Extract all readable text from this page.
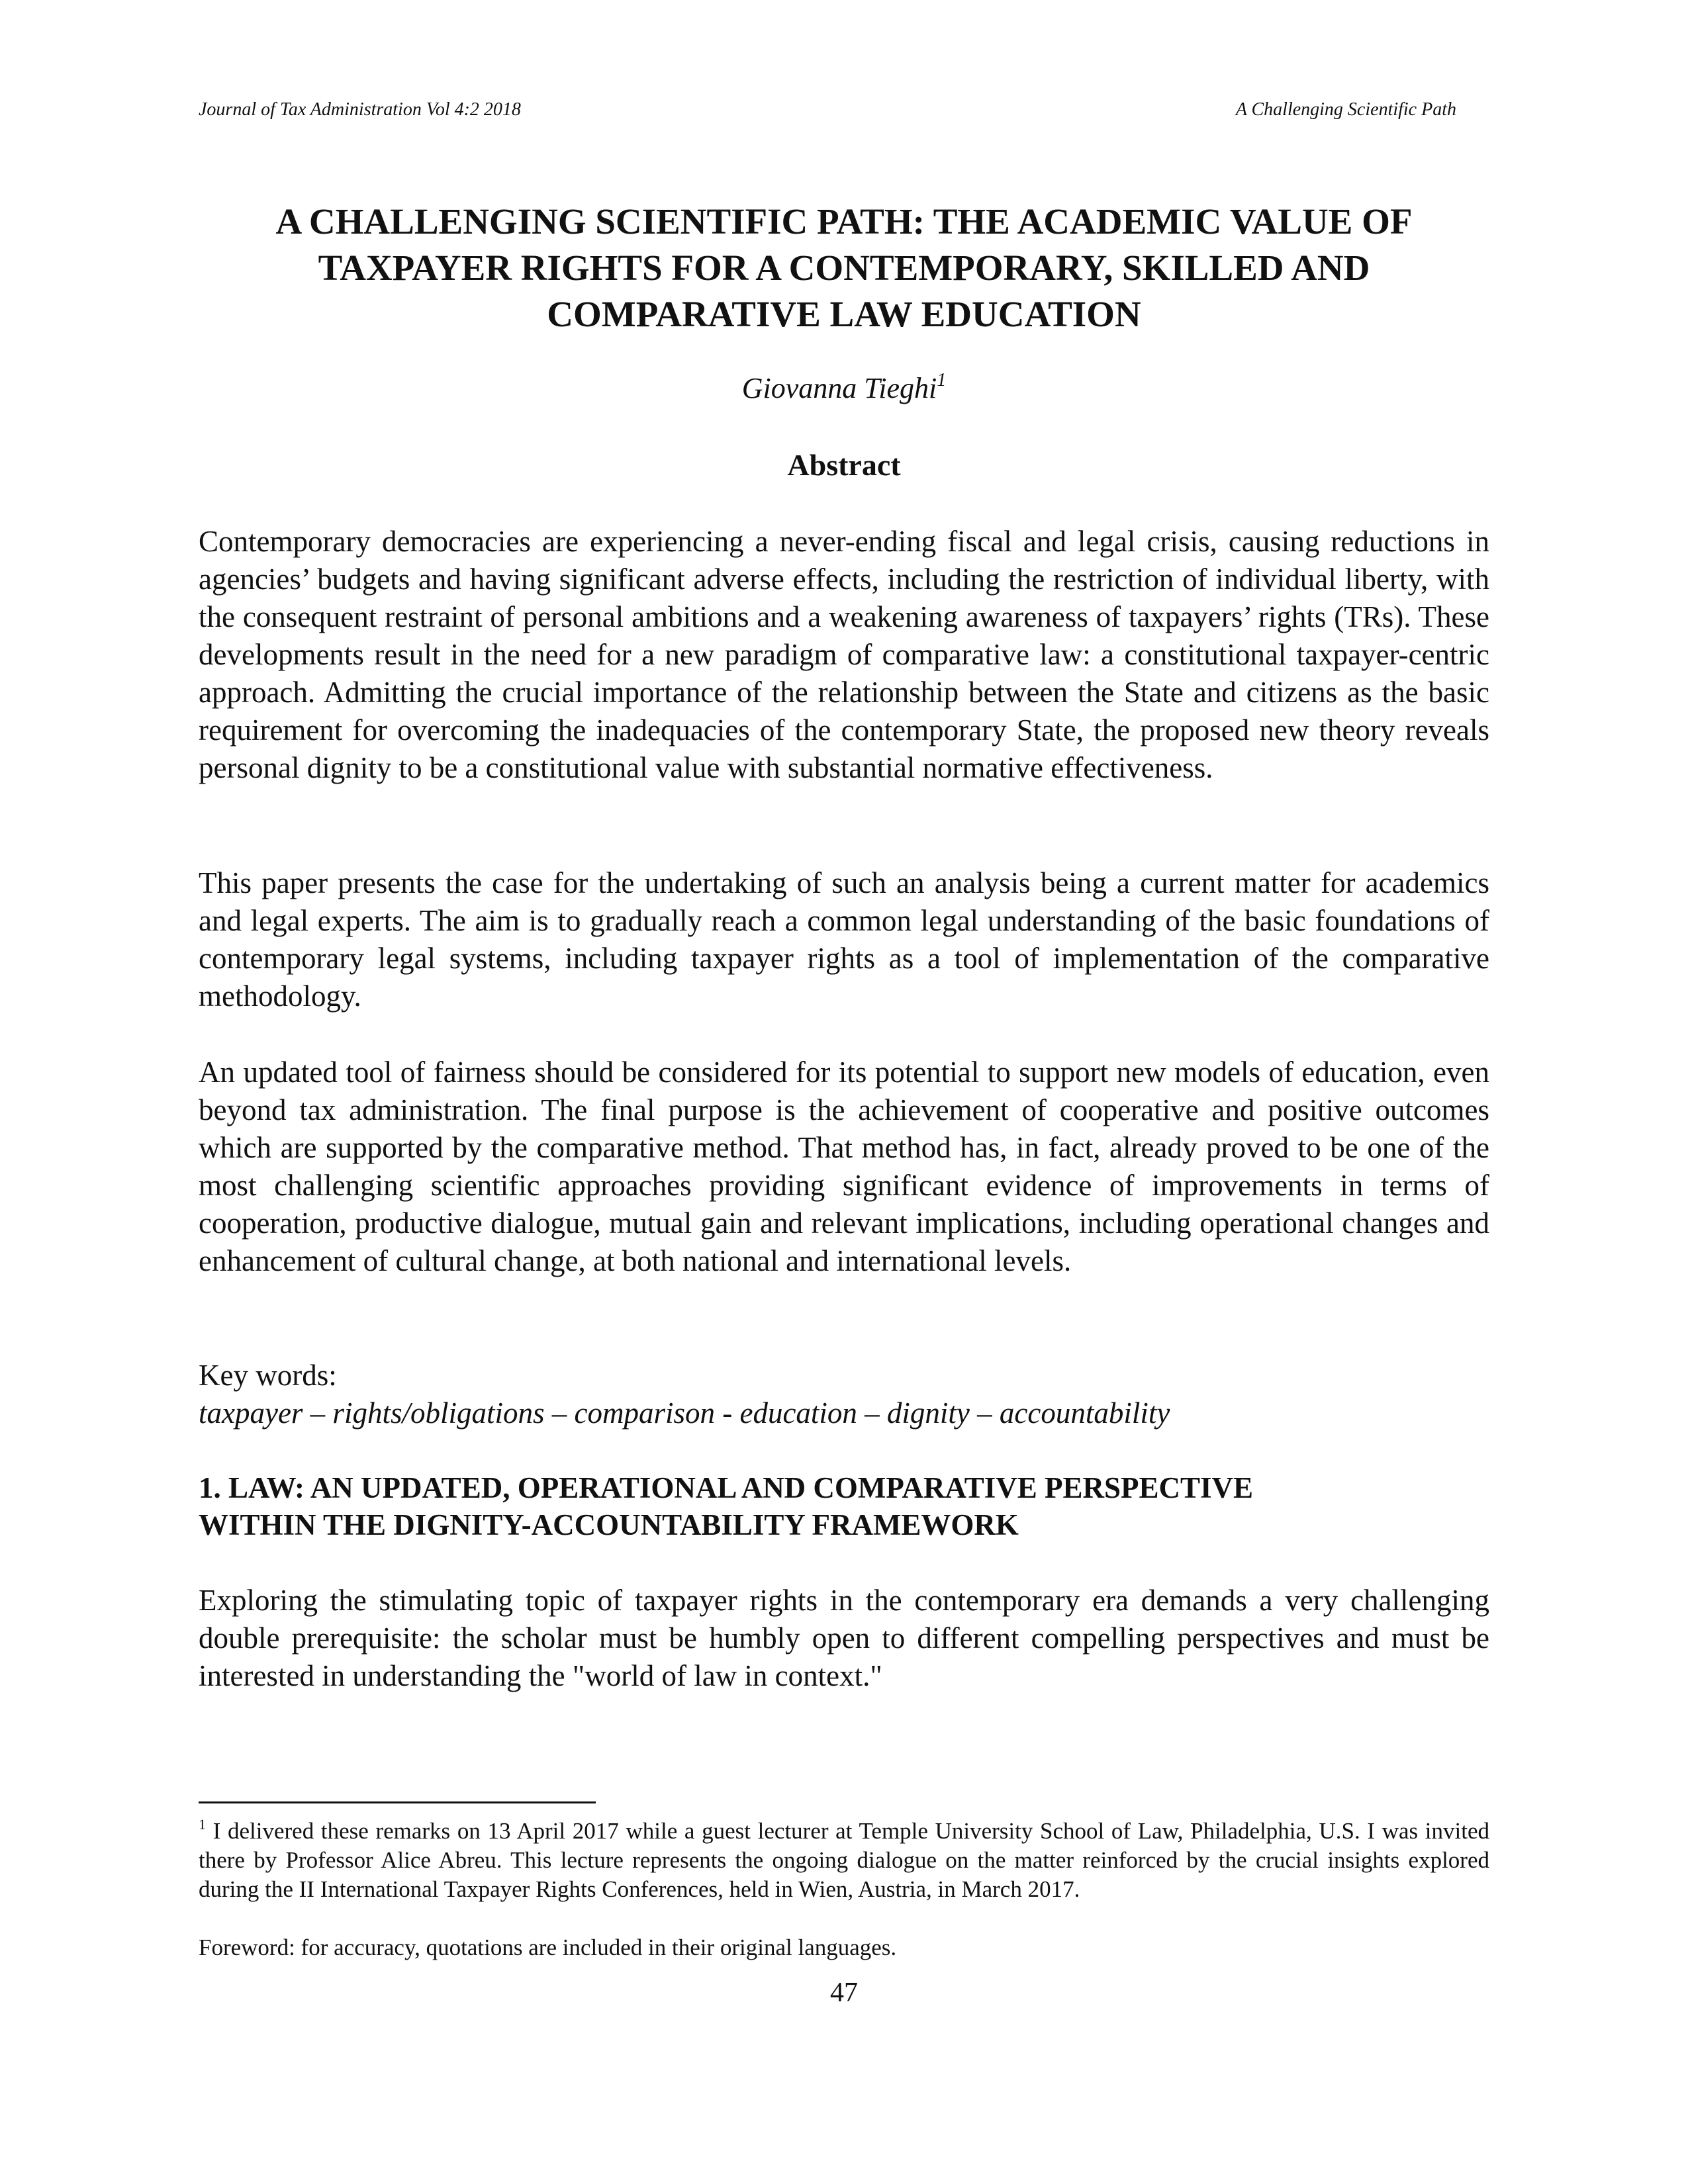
Journal of Tax Administration Vol 4:2 2018	A Challenging Scientific Path
A CHALLENGING SCIENTIFIC PATH: THE ACADEMIC VALUE OF
TAXPAYER RIGHTS FOR A CONTEMPORARY, SKILLED AND
COMPARATIVE LAW EDUCATION
Giovanna Tieghi$^1$
Abstract

Contemporary democracies are experiencing a never-ending fiscal and legal crisis, causing reductions in agencies’ budgets and having significant adverse effects, including the restriction of individual liberty, with the consequent restraint of personal ambitions and a weakening awareness of taxpayers’ rights (TRs). These developments result in the need for a new paradigm of comparative law: a constitutional taxpayer-centric approach. Admitting the crucial importance of the relationship between the State and citizens as the basic requirement for overcoming the inadequacies of the contemporary State, the proposed new theory reveals personal dignity to be a constitutional value with substantial normative effectiveness.

This paper presents the case for the undertaking of such an analysis being a current matter for academics and legal experts. The aim is to gradually reach a common legal understanding of the basic foundations of contemporary legal systems, including taxpayer rights as a tool of implementation of the comparative methodology.

An updated tool of fairness should be considered for its potential to support new models of education, even beyond tax administration. The final purpose is the achievement of cooperative and positive outcomes which are supported by the comparative method. That method has, in fact, already proved to be one of the most challenging scientific approaches providing significant evidence of improvements in terms of cooperation, productive dialogue, mutual gain and relevant implications, including operational changes and enhancement of cultural change, at both national and international levels.

Key words:
taxpayer – rights/obligations – comparison - education – dignity – accountability
1. LAW: AN UPDATED, OPERATIONAL AND COMPARATIVE PERSPECTIVE
WITHIN THE DIGNITY-ACCOUNTABILITY FRAMEWORK

Exploring the stimulating topic of taxpayer rights in the contemporary era demands a very challenging double prerequisite: the scholar must be humbly open to different compelling perspectives and must be interested in understanding the "world of law in context."

$^1$ I delivered these remarks on 13 April 2017 while a guest lecturer at Temple University School of Law, Philadelphia, U.S. I was invited there by Professor Alice Abreu. This lecture represents the ongoing dialogue on the matter reinforced by the crucial insights explored during the II International Taxpayer Rights Conferences, held in Wien, Austria, in March 2017.
Foreword: for accuracy, quotations are included in their original languages.
47
